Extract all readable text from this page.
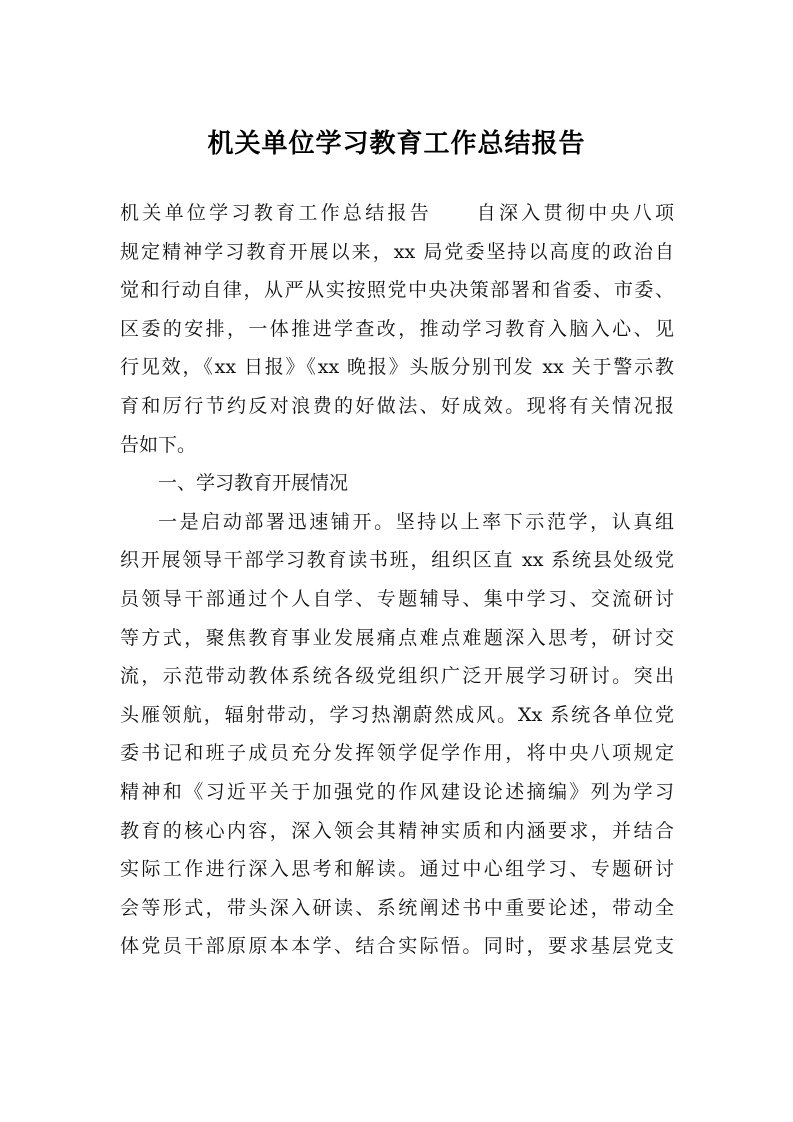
机关单位学习教育工作总结报告
机关单位学习教育工作总结报告　　自深入贯彻中央八项
规定精神学习教育开展以来，xx 局党委坚持以高度的政治自
觉和行动自律，从严从实按照党中央决策部署和省委、市委、
区委的安排，一体推进学查改，推动学习教育入脑入心、见
行见效，《xx 日报》《xx 晚报》头版分别刊发 xx 关于警示教
育和厉行节约反对浪费的好做法、好成效。现将有关情况报
告如下。
一、学习教育开展情况
一是启动部署迅速铺开。坚持以上率下示范学，认真组
织开展领导干部学习教育读书班，组织区直 xx 系统县处级党
员领导干部通过个人自学、专题辅导、集中学习、交流研讨
等方式，聚焦教育事业发展痛点难点难题深入思考，研讨交
流，示范带动教体系统各级党组织广泛开展学习研讨。突出
头雁领航，辐射带动，学习热潮蔚然成风。Xx 系统各单位党
委书记和班子成员充分发挥领学促学作用，将中央八项规定
精神和《习近平关于加强党的作风建设论述摘编》列为学习
教育的核心内容，深入领会其精神实质和内涵要求，并结合
实际工作进行深入思考和解读。通过中心组学习、专题研讨
会等形式，带头深入研读、系统阐述书中重要论述，带动全
体党员干部原原本本学、结合实际悟。同时，要求基层党支
